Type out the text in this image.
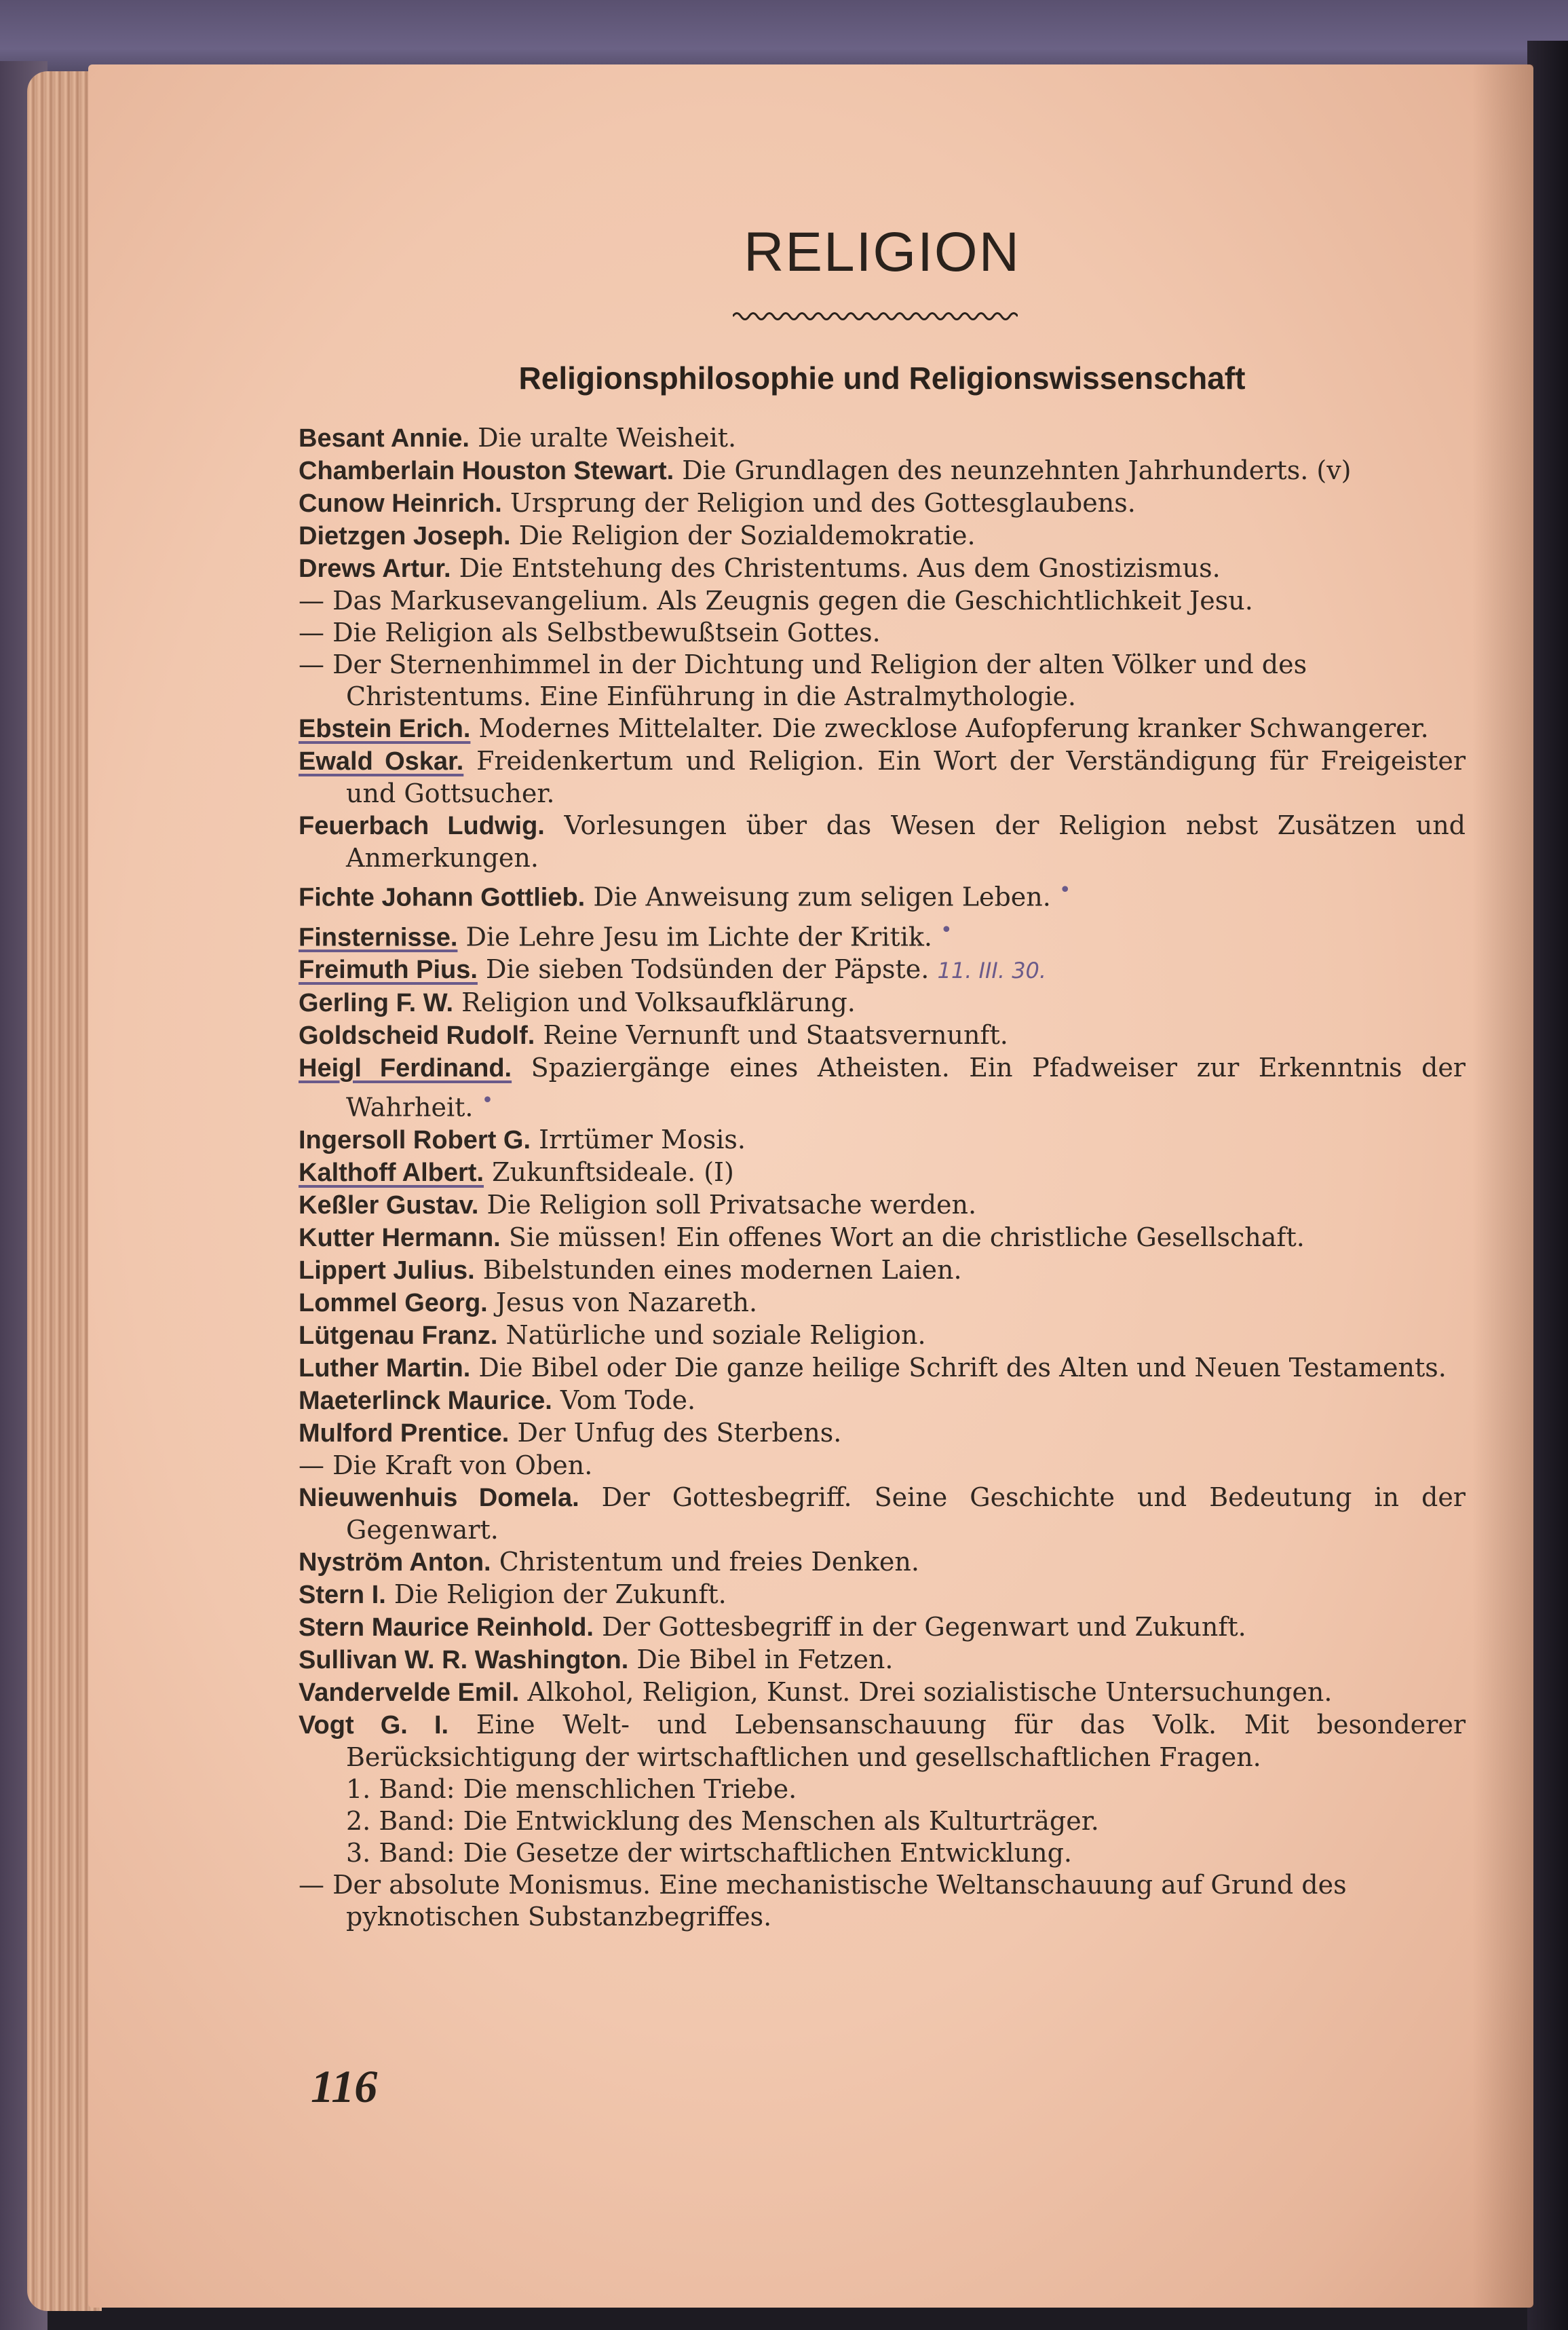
RELIGION
Religionsphilosophie und Religionswissenschaft

Besant Annie. Die uralte Weisheit.

Chamberlain Houston Stewart. Die Grundlagen des neunzehnten Jahrhunderts. (v)

Cunow Heinrich. Ursprung der Religion und des Gottesglaubens.

Dietzgen Joseph. Die Religion der Sozialdemokratie.

Drews Artur. Die Entstehung des Christentums. Aus dem Gnostizismus.

— Das Markusevangelium. Als Zeugnis gegen die Geschichtlichkeit Jesu.

— Die Religion als Selbstbewußtsein Gottes.

— Der Sternenhimmel in der Dichtung und Religion der alten Völker und des Christentums. Eine Einführung in die Astralmythologie.

Ebstein Erich. Modernes Mittelalter. Die zwecklose Aufopferung kranker Schwangerer.

Ewald Oskar. Freidenkertum und Religion. Ein Wort der Verständigung für Freigeister und Gottsucher.

Feuerbach Ludwig. Vorlesungen über das Wesen der Religion nebst Zusätzen und Anmerkungen.

Fichte Johann Gottlieb. Die Anweisung zum seligen Leben. •

Finsternisse. Die Lehre Jesu im Lichte der Kritik. •

Freimuth Pius. Die sieben Todsünden der Päpste. 11. III. 30.

Gerling F. W. Religion und Volksaufklärung.

Goldscheid Rudolf. Reine Vernunft und Staatsvernunft.

Heigl Ferdinand. Spaziergänge eines Atheisten. Ein Pfadweiser zur Erkenntnis der Wahrheit. •

Ingersoll Robert G. Irrtümer Mosis.

Kalthoff Albert. Zukunftsideale. (I)

Keßler Gustav. Die Religion soll Privatsache werden.

Kutter Hermann. Sie müssen! Ein offenes Wort an die christliche Gesellschaft.

Lippert Julius. Bibelstunden eines modernen Laien.

Lommel Georg. Jesus von Nazareth.

Lütgenau Franz. Natürliche und soziale Religion.

Luther Martin. Die Bibel oder Die ganze heilige Schrift des Alten und Neuen Testaments.

Maeterlinck Maurice. Vom Tode.

Mulford Prentice. Der Unfug des Sterbens.

— Die Kraft von Oben.

Nieuwenhuis Domela. Der Gottesbegriff. Seine Geschichte und Bedeutung in der Gegenwart.

Nyström Anton. Christentum und freies Denken.

Stern I. Die Religion der Zukunft.

Stern Maurice Reinhold. Der Gottesbegriff in der Gegenwart und Zukunft.

Sullivan W. R. Washington. Die Bibel in Fetzen.

Vandervelde Emil. Alkohol, Religion, Kunst. Drei sozialistische Untersuchungen.

Vogt G. I. Eine Welt- und Lebensanschauung für das Volk. Mit besonderer Berücksichtigung der wirtschaftlichen und gesellschaftlichen Fragen.

1. Band: Die menschlichen Triebe.

2. Band: Die Entwicklung des Menschen als Kulturträger.

3. Band: Die Gesetze der wirtschaftlichen Entwicklung.

— Der absolute Monismus. Eine mechanistische Weltanschauung auf Grund des pyknotischen Substanzbegriffes.

116
